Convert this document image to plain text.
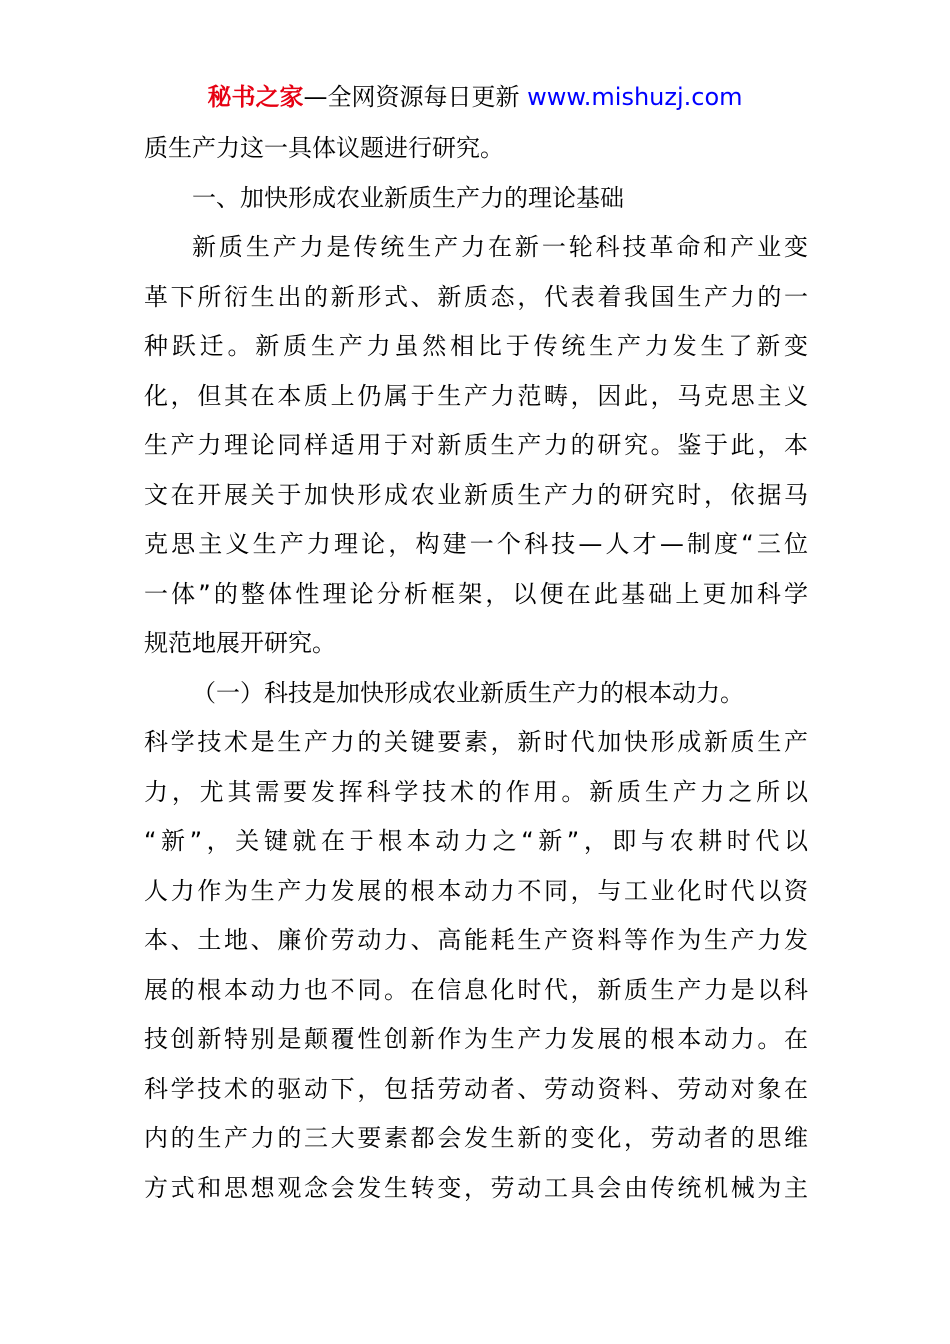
秘书之家—全网资源每日更新 www.mishuzj.com
质生产力这一具体议题进行研究。
一、加快形成农业新质生产力的理论基础
新质生产力是传统生产力在新一轮科技革命和产业变
革下所衍生出的新形式、新质态，代表着我国生产力的一
种跃迁。新质生产力虽然相比于传统生产力发生了新变
化，但其在本质上仍属于生产力范畴，因此，马克思主义
生产力理论同样适用于对新质生产力的研究。鉴于此，本
文在开展关于加快形成农业新质生产力的研究时，依据马
克思主义生产力理论，构建一个科技—人才—制度“三位
一体”的整体性理论分析框架，以便在此基础上更加科学
规范地展开研究。
（一）科技是加快形成农业新质生产力的根本动力。
科学技术是生产力的关键要素，新时代加快形成新质生产
力，尤其需要发挥科学技术的作用。新质生产力之所以
“新”，关键就在于根本动力之“新”，即与农耕时代以
人力作为生产力发展的根本动力不同，与工业化时代以资
本、土地、廉价劳动力、高能耗生产资料等作为生产力发
展的根本动力也不同。在信息化时代，新质生产力是以科
技创新特别是颠覆性创新作为生产力发展的根本动力。在
科学技术的驱动下，包括劳动者、劳动资料、劳动对象在
内的生产力的三大要素都会发生新的变化，劳动者的思维
方式和思想观念会发生转变，劳动工具会由传统机械为主
